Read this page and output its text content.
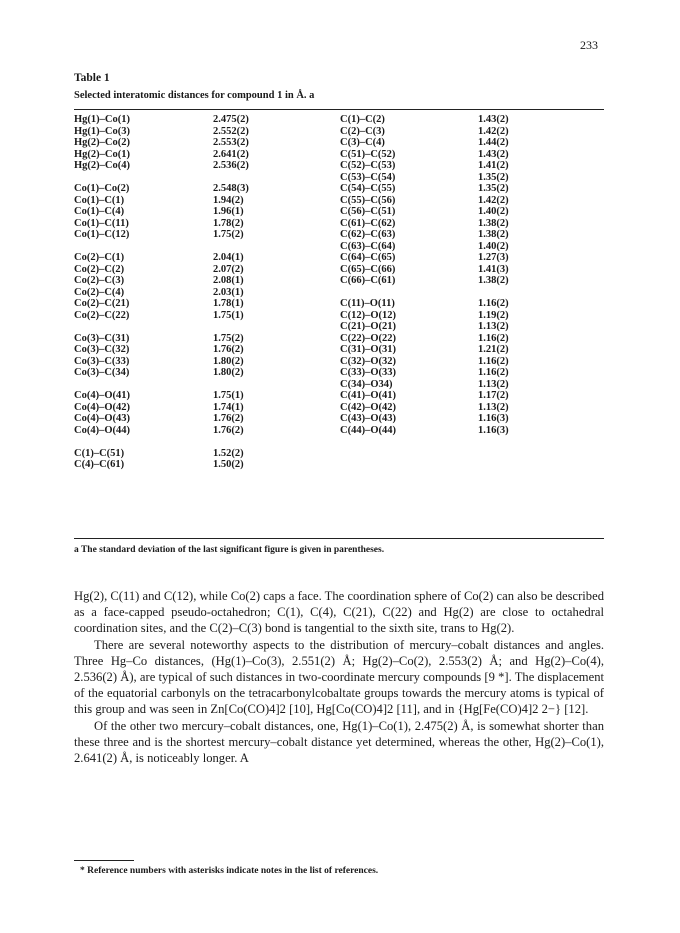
233
Table 1
Selected interatomic distances for compound 1 in Å. a
Hg(1)–Co(1)
Hg(1)–Co(3)
Hg(2)–Co(2)
Hg(2)–Co(1)
Hg(2)–Co(4)
Co(1)–Co(2)
Co(1)–C(1)
Co(1)–C(4)
Co(1)–C(11)
Co(1)–C(12)
Co(2)–C(1)
Co(2)–C(2)
Co(2)–C(3)
Co(2)–C(4)
Co(2)–C(21)
Co(2)–C(22)
Co(3)–C(31)
Co(3)–C(32)
Co(3)–C(33)
Co(3)–C(34)
Co(4)–O(41)
Co(4)–O(42)
Co(4)–O(43)
Co(4)–O(44)
C(1)–C(51)
C(4)–C(61)
2.475(2)
2.552(2)
2.553(2)
2.641(2)
2.536(2)
2.548(3)
1.94(2)
1.96(1)
1.78(2)
1.75(2)
2.04(1)
2.07(2)
2.08(1)
2.03(1)
1.78(1)
1.75(1)
1.75(2)
1.76(2)
1.80(2)
1.80(2)
1.75(1)
1.74(1)
1.76(2)
1.76(2)
1.52(2)
1.50(2)
C(1)–C(2)
C(2)–C(3)
C(3)–C(4)
C(51)–C(52)
C(52)–C(53)
C(53)–C(54)
C(54)–C(55)
C(55)–C(56)
C(56)–C(51)
C(61)–C(62)
C(62)–C(63)
C(63)–C(64)
C(64)–C(65)
C(65)–C(66)
C(66)–C(61)
C(11)–O(11)
C(12)–O(12)
C(21)–O(21)
C(22)–O(22)
C(31)–O(31)
C(32)–O(32)
C(33)–O(33)
C(34)–O34)
C(41)–O(41)
C(42)–O(42)
C(43)–O(43)
C(44)–O(44)
1.43(2)
1.42(2)
1.44(2)
1.43(2)
1.41(2)
1.35(2)
1.35(2)
1.42(2)
1.40(2)
1.38(2)
1.38(2)
1.40(2)
1.27(3)
1.41(3)
1.38(2)
1.16(2)
1.19(2)
1.13(2)
1.16(2)
1.21(2)
1.16(2)
1.16(2)
1.13(2)
1.17(2)
1.13(2)
1.16(3)
1.16(3)
a The standard deviation of the last significant figure is given in parentheses.

Hg(2), C(11) and C(12), while Co(2) caps a face. The coordination sphere of Co(2) can also be described as a face-capped pseudo-octahedron; C(1), C(4), C(21), C(22) and Hg(2) are close to octahedral coordination sites, and the C(2)–C(3) bond is tangential to the sixth site, trans to Hg(2).

There are several noteworthy aspects to the distribution of mercury–cobalt distances and angles. Three Hg–Co distances, (Hg(1)–Co(3), 2.551(2) Å; Hg(2)–Co(2), 2.553(2) Å; and Hg(2)–Co(4), 2.536(2) Å), are typical of such distances in two-coordinate mercury compounds [9 *]. The displacement of the equatorial carbonyls on the tetracarbonylcobaltate groups towards the mercury atoms is typical of this group and was seen in Zn[Co(CO)4]2 [10], Hg[Co(CO)4]2 [11], and in {Hg[Fe(CO)4]2 2−} [12].

Of the other two mercury–cobalt distances, one, Hg(1)–Co(1), 2.475(2) Å, is somewhat shorter than these three and is the shortest mercury–cobalt distance yet determined, whereas the other, Hg(2)–Co(1), 2.641(2) Å, is noticeably longer. A

* Reference numbers with asterisks indicate notes in the list of references.
